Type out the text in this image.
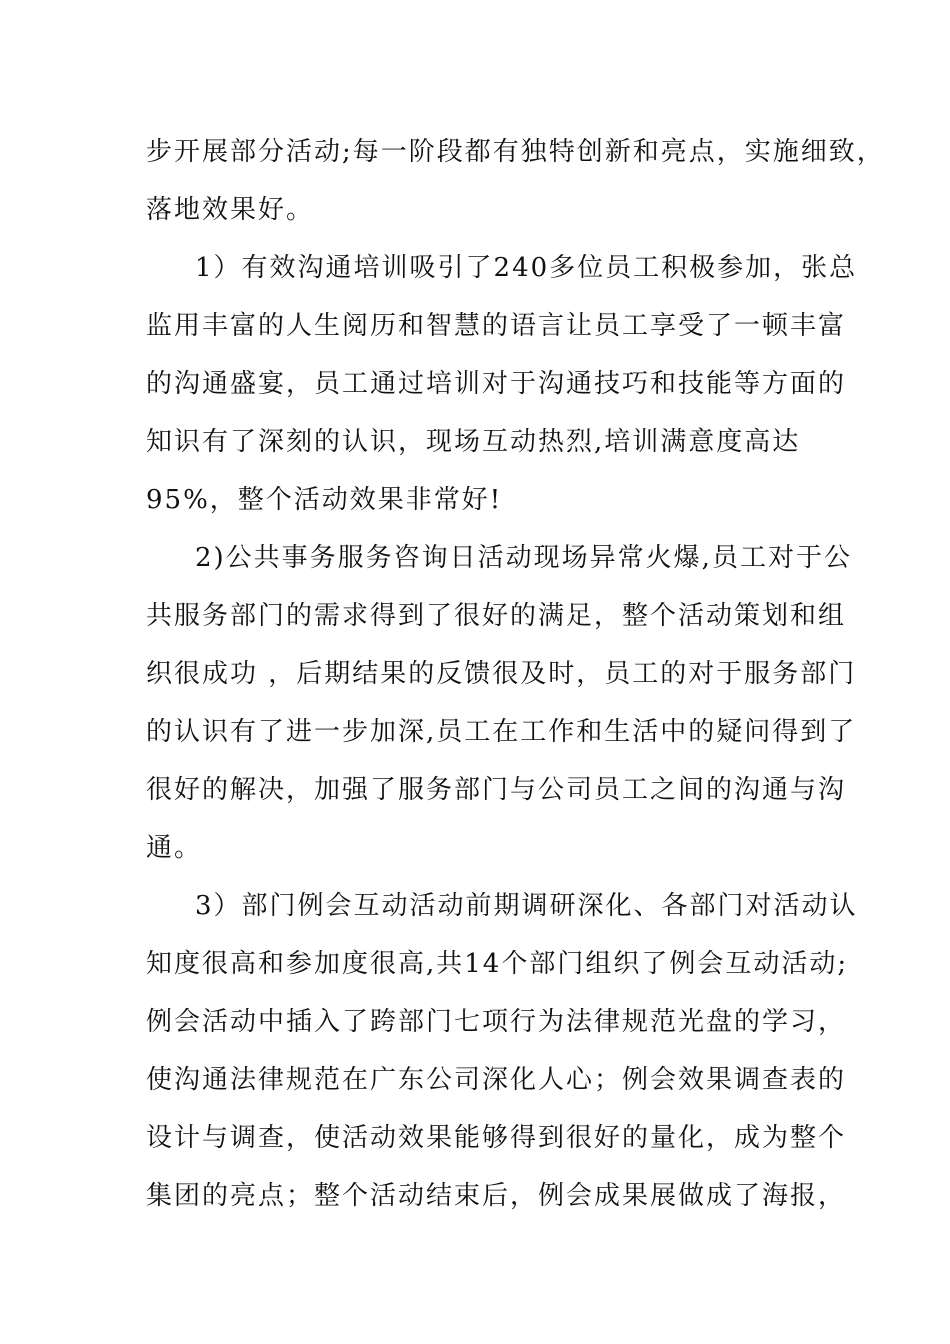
步开展部分活动;每一阶段都有独特创新和亮点，实施细致，
落地效果好。
1）有效沟通培训吸引了240多位员工积极参加，张总
监用丰富的人生阅历和智慧的语言让员工享受了一顿丰富
的沟通盛宴，员工通过培训对于沟通技巧和技能等方面的
知识有了深刻的认识，现场互动热烈,培训满意度高达
95%，整个活动效果非常好!
2)公共事务服务咨询日活动现场异常火爆,员工对于公
共服务部门的需求得到了很好的满足，整个活动策划和组
织很成功 ，后期结果的反馈很及时，员工的对于服务部门
的认识有了进一步加深,员工在工作和生活中的疑问得到了
很好的解决，加强了服务部门与公司员工之间的沟通与沟
通。
3）部门例会互动活动前期调研深化、各部门对活动认
知度很高和参加度很高,共14个部门组织了例会互动活动;
例会活动中插入了跨部门七项行为法律规范光盘的学习，
使沟通法律规范在广东公司深化人心；例会效果调查表的
设计与调查，使活动效果能够得到很好的量化，成为整个
集团的亮点；整个活动结束后，例会成果展做成了海报，
